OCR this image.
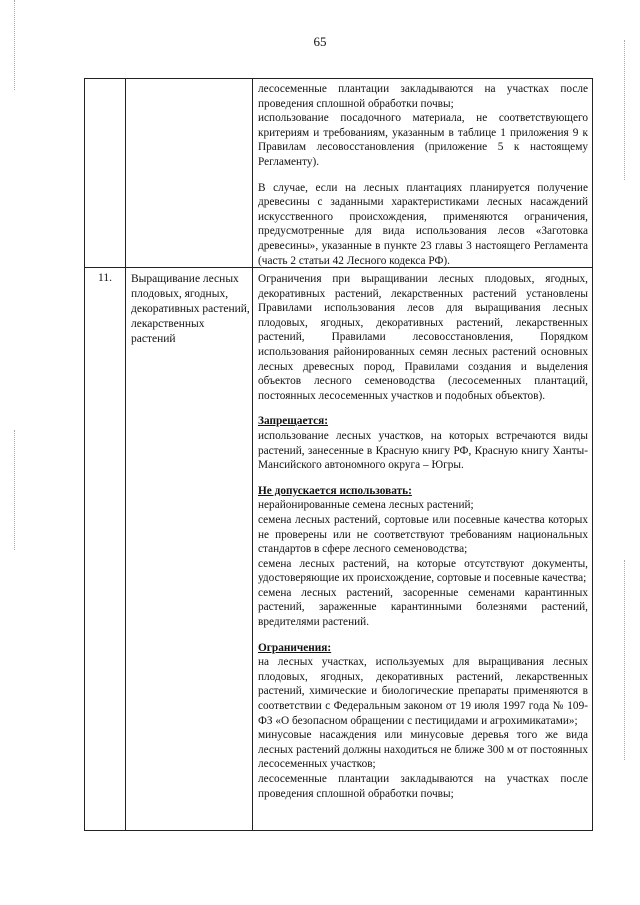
65

лесосеменные плантации закладываются на участках после проведения сплошной обработки почвы;

использование посадочного материала, не соответствующего критериям и требованиям, указанным в таблице 1 приложения 9 к Правилам лесовосстановления (приложение 5 к настоящему Регламенту).

В случае, если на лесных плантациях планируется получение древесины с заданными характеристиками лесных насаждений искусственного происхождения, применяются ограничения, предусмотренные для вида использования лесов «Заготовка древесины», указанные в пункте 23 главы 3 настоящего Регламента (часть 2 статьи 42 Лесного кодекса РФ).

11.	Выращивание лесных плодовых, ягодных, декоративных растений, лекарственных растений

Ограничения при выращивании лесных плодовых, ягодных, декоративных растений, лекарственных растений установлены Правилами использования лесов для выращивания лесных плодовых, ягодных, декоративных растений, лекарственных растений, Правилами лесовосстановления, Порядком использования районированных семян лесных растений основных лесных древесных пород, Правилами создания и выделения объектов лесного семеноводства (лесосеменных плантаций, постоянных лесосеменных участков и подобных объектов).

Запрещается:

использование лесных участков, на которых встречаются виды растений, занесенные в Красную книгу РФ, Красную книгу Ханты-Мансийского автономного округа – Югры.

Не допускается использовать:

нерайонированные семена лесных растений;

семена лесных растений, сортовые или посевные качества которых не проверены или не соответствуют требованиям национальных стандартов в сфере лесного семеноводства;

семена лесных растений, на которые отсутствуют документы, удостоверяющие их происхождение, сортовые и посевные качества;

семена лесных растений, засоренные семенами карантинных растений, зараженные карантинными болезнями растений, вредителями растений.

Ограничения:

на лесных участках, используемых для выращивания лесных плодовых, ягодных, декоративных растений, лекарственных растений, химические и биологические препараты применяются в соответствии с Федеральным законом от 19 июля 1997 года № 109-ФЗ «О безопасном обращении с пестицидами и агрохимикатами»;

минусовые насаждения или минусовые деревья того же вида лесных растений должны находиться не ближе 300 м от постоянных лесосеменных участков;

лесосеменные плантации закладываются на участках после проведения сплошной обработки почвы;
